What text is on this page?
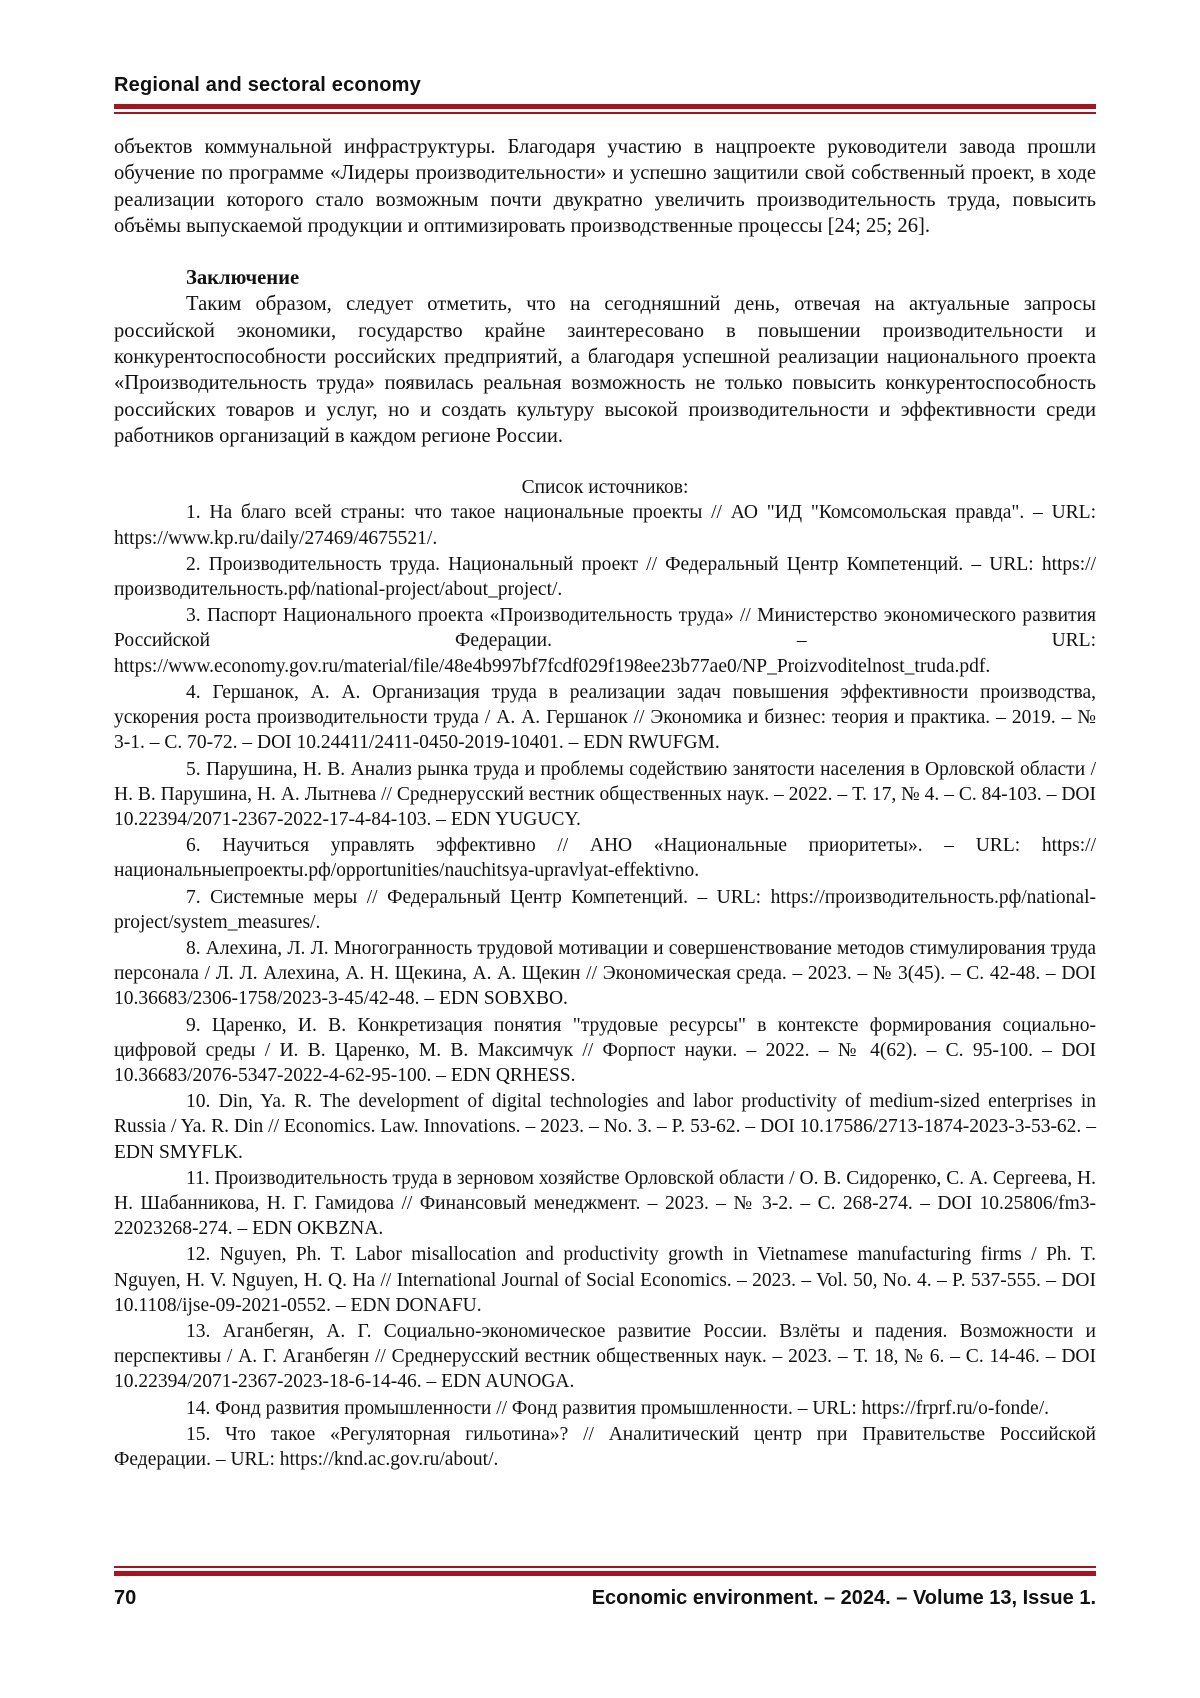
Regional and sectoral economy

объектов коммунальной инфраструктуры. Благодаря участию в нацпроекте руководители завода прошли обучение по программе «Лидеры производительности» и успешно защитили свой собственный проект, в ходе реализации которого стало возможным почти двукратно увеличить производительность труда, повысить объёмы выпускаемой продукции и оптимизировать производственные процессы [24; 25; 26].

Заключение

Таким образом, следует отметить, что на сегодняшний день, отвечая на актуальные запросы российской экономики, государство крайне заинтересовано в повышении производительности и конкурентоспособности российских предприятий, а благодаря успешной реализации национального проекта «Производительность труда» появилась реальная возможность не только повысить конкурентоспособность российских товаров и услуг, но и создать культуру высокой производительности и эффективности среди работников организаций в каждом регионе России.

Список источников:
1. На благо всей страны: что такое национальные проекты // АО "ИД "Комсомольская правда". – URL: https://www.kp.ru/daily/27469/4675521/.
2. Производительность труда. Национальный проект // Федеральный Центр Компетенций. – URL: https://производительность.рф/national-project/about_project/.
3. Паспорт Национального проекта «Производительность труда» // Министерство экономического развития Российской Федерации. – URL: https://www.economy.gov.ru/material/file/48e4b997bf7fcdf029f198ee23b77ae0/NP_Proizvoditelnost_truda.pdf.
4. Гершанок, А. А. Организация труда в реализации задач повышения эффективности производства, ускорения роста производительности труда / А. А. Гершанок // Экономика и бизнес: теория и практика. – 2019. – № 3-1. – С. 70-72. – DOI 10.24411/2411-0450-2019-10401. – EDN RWUFGM.
5. Парушина, Н. В. Анализ рынка труда и проблемы содействию занятости населения в Орловской области / Н. В. Парушина, Н. А. Лытнева // Среднерусский вестник общественных наук. – 2022. – Т. 17, № 4. – С. 84-103. – DOI 10.22394/2071-2367-2022-17-4-84-103. – EDN YUGUCY.
6. Научиться управлять эффективно // АНО «Национальные приоритеты». – URL: https://национальныепроекты.рф/opportunities/nauchitsya-upravlyat-effektivno.
7. Системные меры // Федеральный Центр Компетенций. – URL: https://производительность.рф/national-project/system_measures/.
8. Алехина, Л. Л. Многогранность трудовой мотивации и совершенствование методов стимулирования труда персонала / Л. Л. Алехина, А. Н. Щекина, А. А. Щекин // Экономическая среда. – 2023. – № 3(45). – С. 42-48. – DOI 10.36683/2306-1758/2023-3-45/42-48. – EDN SOBXBO.
9. Царенко, И. В. Конкретизация понятия "трудовые ресурсы" в контексте формирования социально-цифровой среды / И. В. Царенко, М. В. Максимчук // Форпост науки. – 2022. – № 4(62). – С. 95-100. – DOI 10.36683/2076-5347-2022-4-62-95-100. – EDN QRHESS.
10. Din, Ya. R. The development of digital technologies and labor productivity of medium-sized enterprises in Russia / Ya. R. Din // Economics. Law. Innovations. – 2023. – No. 3. – P. 53-62. – DOI 10.17586/2713-1874-2023-3-53-62. – EDN SMYFLK.
11. Производительность труда в зерновом хозяйстве Орловской области / О. В. Сидоренко, С. А. Сергеева, Н. Н. Шабанникова, Н. Г. Гамидова // Финансовый менеджмент. – 2023. – № 3-2. – С. 268-274. – DOI 10.25806/fm3-22023268-274. – EDN OKBZNA.
12. Nguyen, Ph. T. Labor misallocation and productivity growth in Vietnamese manufacturing firms / Ph. T. Nguyen, H. V. Nguyen, H. Q. Ha // International Journal of Social Economics. – 2023. – Vol. 50, No. 4. – P. 537-555. – DOI 10.1108/ijse-09-2021-0552. – EDN DONAFU.
13. Аганбегян, А. Г. Социально-экономическое развитие России. Взлёты и падения. Возможности и перспективы / А. Г. Аганбегян // Среднерусский вестник общественных наук. – 2023. – Т. 18, № 6. – С. 14-46. – DOI 10.22394/2071-2367-2023-18-6-14-46. – EDN AUNOGA.
14. Фонд развития промышленности // Фонд развития промышленности. – URL: https://frprf.ru/o-fonde/.
15. Что такое «Регуляторная гильотина»? // Аналитический центр при Правительстве Российской Федерации. – URL: https://knd.ac.gov.ru/about/.
70	Economic environment. – 2024. – Volume 13, Issue 1.
